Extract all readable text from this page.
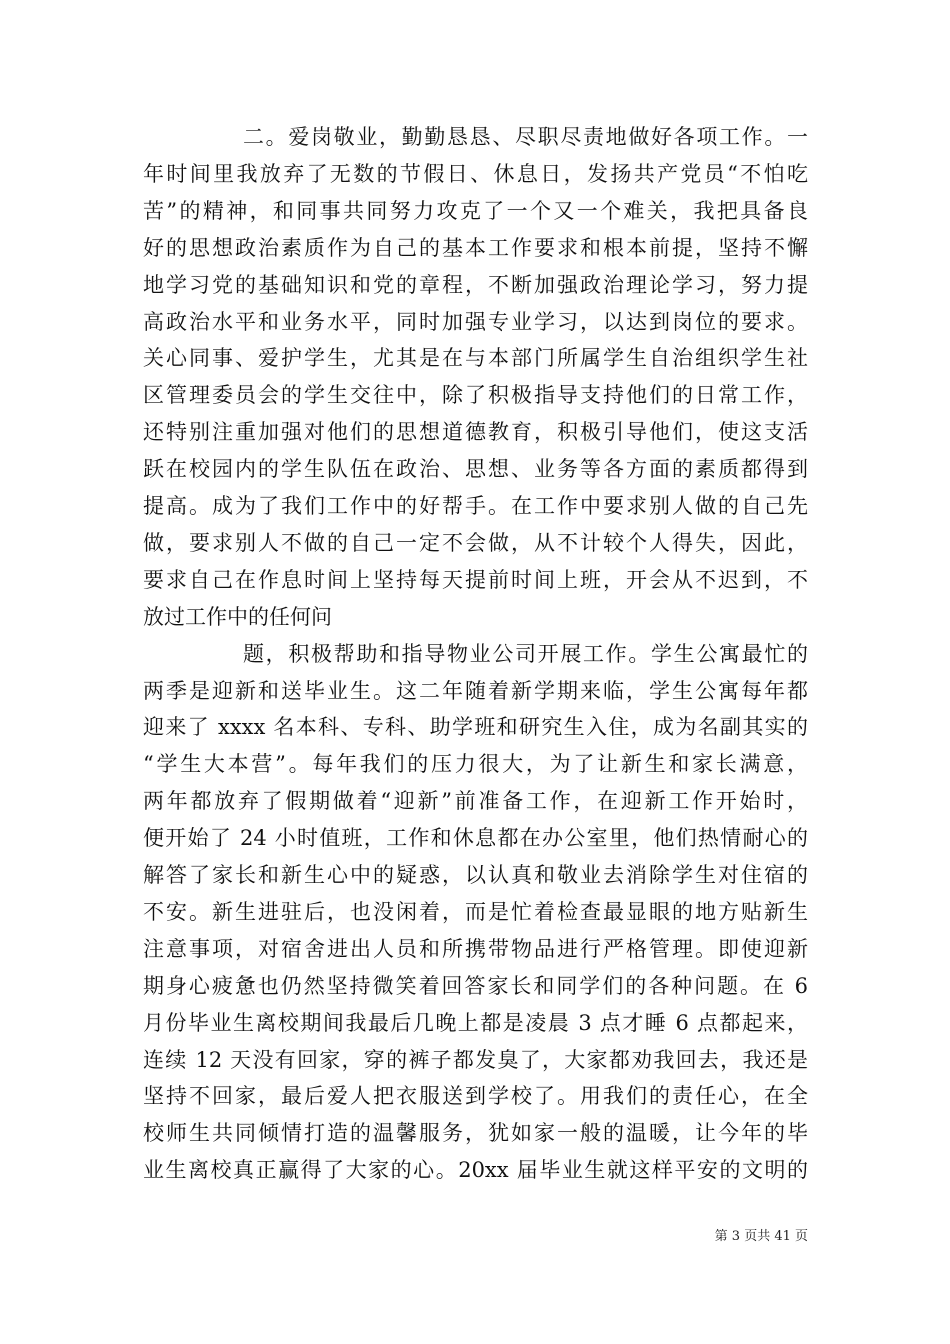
第 3 页共 41 页
二。爱岗敬业，勤勤恳恳、尽职尽责地做好各项工作。一
年时间里我放弃了无数的节假日、休息日，发扬共产党员“不怕吃
苦”的精神，和同事共同努力攻克了一个又一个难关，我把具备良
好的思想政治素质作为自己的基本工作要求和根本前提，坚持不懈
地学习党的基础知识和党的章程，不断加强政治理论学习，努力提
高政治水平和业务水平，同时加强专业学习，以达到岗位的要求。
关心同事、爱护学生，尤其是在与本部门所属学生自治组织学生社
区管理委员会的学生交往中，除了积极指导支持他们的日常工作，
还特别注重加强对他们的思想道德教育，积极引导他们，使这支活
跃在校园内的学生队伍在政治、思想、业务等各方面的素质都得到
提高。成为了我们工作中的好帮手。在工作中要求别人做的自己先
做，要求别人不做的自己一定不会做，从不计较个人得失，因此，
要求自己在作息时间上坚持每天提前时间上班，开会从不迟到，不
放过工作中的任何问
题，积极帮助和指导物业公司开展工作。学生公寓最忙的
两季是迎新和送毕业生。这二年随着新学期来临，学生公寓每年都
迎来了 xxxx 名本科、专科、助学班和研究生入住，成为名副其实的
“学生大本营”。每年我们的压力很大，为了让新生和家长满意，
两年都放弃了假期做着“迎新”前准备工作，在迎新工作开始时，
便开始了 24 小时值班，工作和休息都在办公室里，他们热情耐心的
解答了家长和新生心中的疑惑，以认真和敬业去消除学生对住宿的
不安。新生进驻后，也没闲着，而是忙着检查最显眼的地方贴新生
注意事项，对宿舍进出人员和所携带物品进行严格管理。即使迎新
期身心疲惫也仍然坚持微笑着回答家长和同学们的各种问题。在 6
月份毕业生离校期间我最后几晚上都是凌晨 3 点才睡 6 点都起来，
连续 12 天没有回家，穿的裤子都发臭了，大家都劝我回去，我还是
坚持不回家，最后爱人把衣服送到学校了。用我们的责任心，在全
校师生共同倾情打造的温馨服务，犹如家一般的温暖，让今年的毕
业生离校真正赢得了大家的心。20xx 届毕业生就这样平安的文明的
